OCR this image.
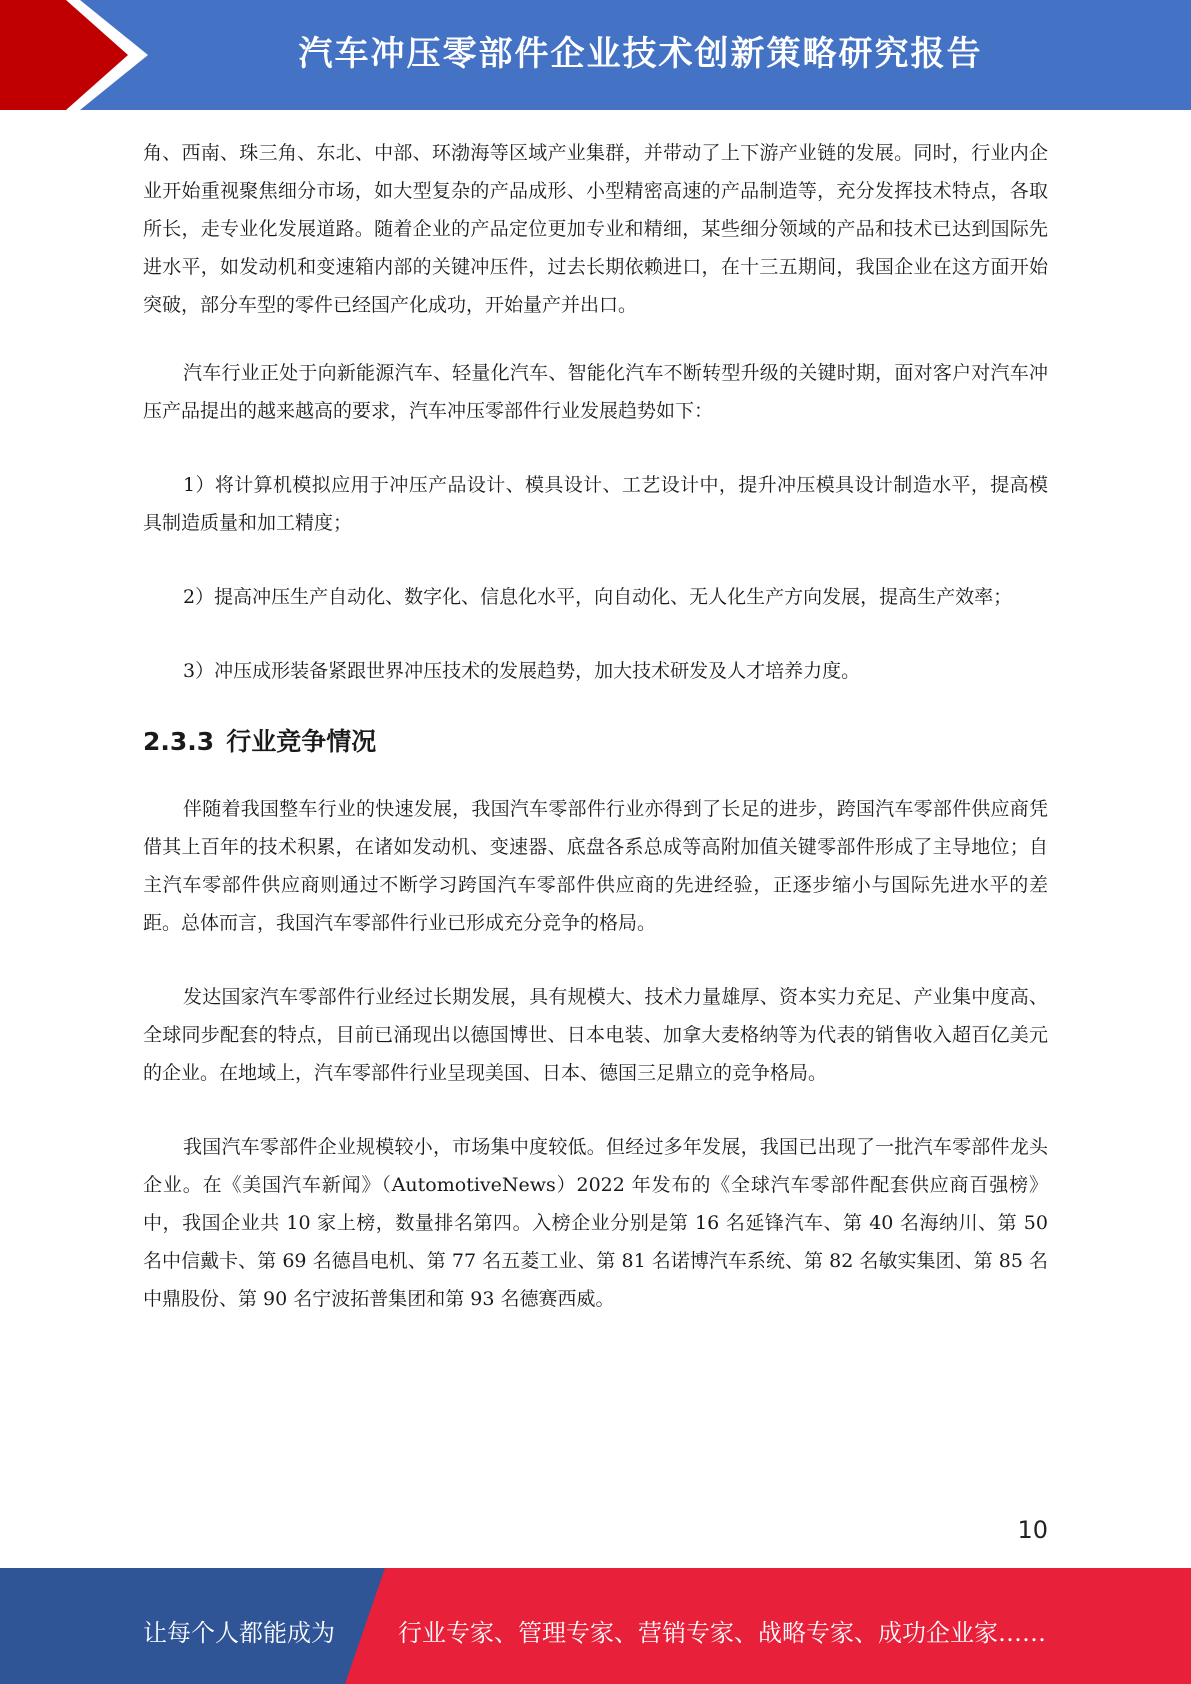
汽车冲压零部件企业技术创新策略研究报告

角、西南、珠三角、东北、中部、环渤海等区域产业集群，并带动了上下游产业链的发展。同时，行业内企业开始重视聚焦细分市场，如大型复杂的产品成形、小型精密高速的产品制造等，充分发挥技术特点，各取所长，走专业化发展道路。随着企业的产品定位更加专业和精细，某些细分领域的产品和技术已达到国际先进水平，如发动机和变速箱内部的关键冲压件，过去长期依赖进口，在十三五期间，我国企业在这方面开始突破，部分车型的零件已经国产化成功，开始量产并出口。

汽车行业正处于向新能源汽车、轻量化汽车、智能化汽车不断转型升级的关键时期，面对客户对汽车冲压产品提出的越来越高的要求，汽车冲压零部件行业发展趋势如下：

1）将计算机模拟应用于冲压产品设计、模具设计、工艺设计中，提升冲压模具设计制造水平，提高模具制造质量和加工精度；

2）提高冲压生产自动化、数字化、信息化水平，向自动化、无人化生产方向发展，提高生产效率；

3）冲压成形装备紧跟世界冲压技术的发展趋势，加大技术研发及人才培养力度。

2.3.3 行业竞争情况

伴随着我国整车行业的快速发展，我国汽车零部件行业亦得到了长足的进步，跨国汽车零部件供应商凭借其上百年的技术积累，在诸如发动机、变速器、底盘各系总成等高附加值关键零部件形成了主导地位；自主汽车零部件供应商则通过不断学习跨国汽车零部件供应商的先进经验，正逐步缩小与国际先进水平的差距。总体而言，我国汽车零部件行业已形成充分竞争的格局。

发达国家汽车零部件行业经过长期发展，具有规模大、技术力量雄厚、资本实力充足、产业集中度高、全球同步配套的特点，目前已涌现出以德国博世、日本电装、加拿大麦格纳等为代表的销售收入超百亿美元的企业。在地域上，汽车零部件行业呈现美国、日本、德国三足鼎立的竞争格局。

我国汽车零部件企业规模较小，市场集中度较低。但经过多年发展，我国已出现了一批汽车零部件龙头企业。在《美国汽车新闻》（AutomotiveNews）2022 年发布的《全球汽车零部件配套供应商百强榜》中，我国企业共 10 家上榜，数量排名第四。入榜企业分别是第 16 名延锋汽车、第 40 名海纳川、第 50 名中信戴卡、第 69 名德昌电机、第 77 名五菱工业、第 81 名诺博汽车系统、第 82 名敏实集团、第 85 名中鼎股份、第 90 名宁波拓普集团和第 93 名德赛西威。

10
让每个人都能成为	行业专家、管理专家、营销专家、战略专家、成功企业家……
